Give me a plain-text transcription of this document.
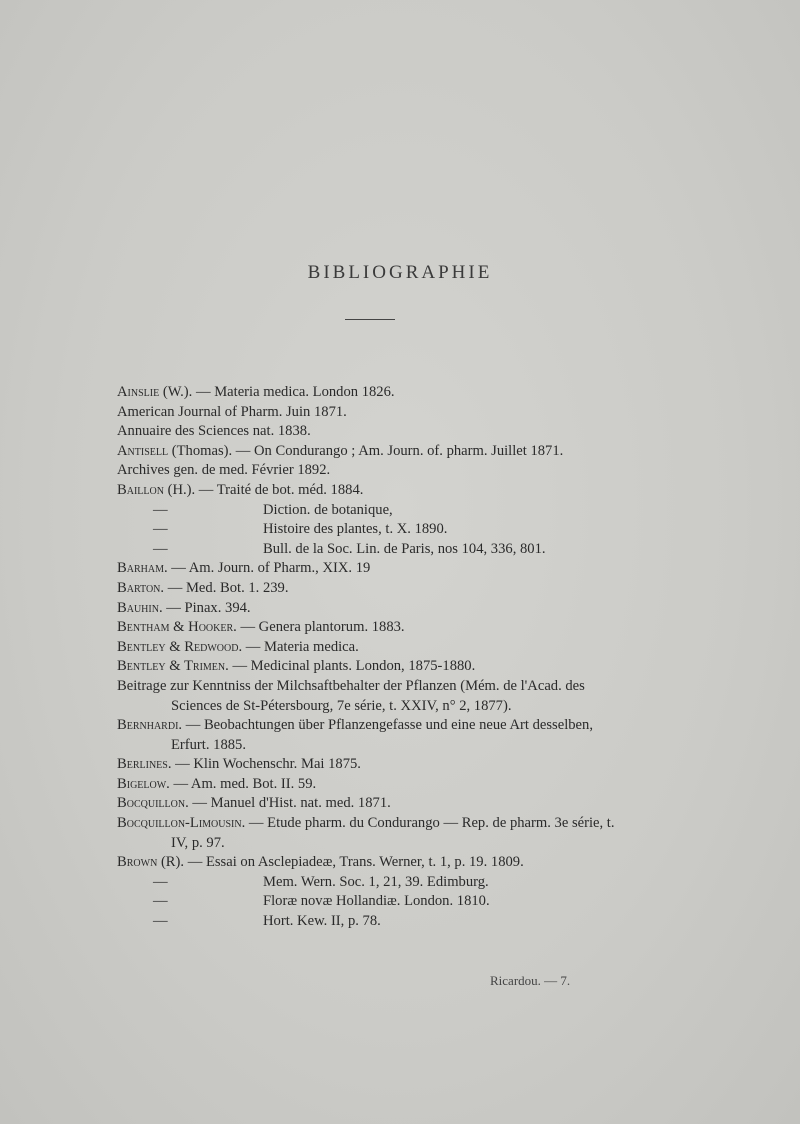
BIBLIOGRAPHIE

Ainslie (W.). — Materia medica. London 1826.

American Journal of Pharm. Juin 1871.

Annuaire des Sciences nat. 1838.

Antisell (Thomas). — On Condurango ; Am. Journ. of. pharm. Juillet 1871.

Archives gen. de med. Février 1892.

Baillon (H.). — Traité de bot. méd. 1884.

—	Diction. de botanique,

—	Histoire des plantes, t. X. 1890.

—	Bull. de la Soc. Lin. de Paris, nos 104, 336, 801.

Barham. — Am. Journ. of Pharm., XIX. 19

Barton. — Med. Bot. 1. 239.

Bauhin. — Pinax. 394.

Bentham & Hooker. — Genera plantorum. 1883.

Bentley & Redwood. — Materia medica.

Bentley & Trimen. — Medicinal plants. London, 1875-1880.

Beitrage zur Kenntniss der Milchsaftbehalter der Pflanzen (Mém. de l'Acad. des Sciences de St-Pétersbourg, 7e série, t. XXIV, n° 2, 1877).

Bernhardi. — Beobachtungen über Pflanzengefasse und eine neue Art desselben, Erfurt. 1885.

Berlines. — Klin Wochenschr. Mai 1875.

Bigelow. — Am. med. Bot. II. 59.

Bocquillon. — Manuel d'Hist. nat. med. 1871.

Bocquillon-Limousin. — Etude pharm. du Condurango — Rep. de pharm. 3e série, t. IV, p. 97.

Brown (R). — Essai on Asclepiadeæ, Trans. Werner, t. 1, p. 19. 1809.

—	Mem. Wern. Soc. 1, 21, 39. Edimburg.

—	Floræ novæ Hollandiæ. London. 1810.

—	Hort. Kew. II, p. 78.

Ricardou. — 7.
